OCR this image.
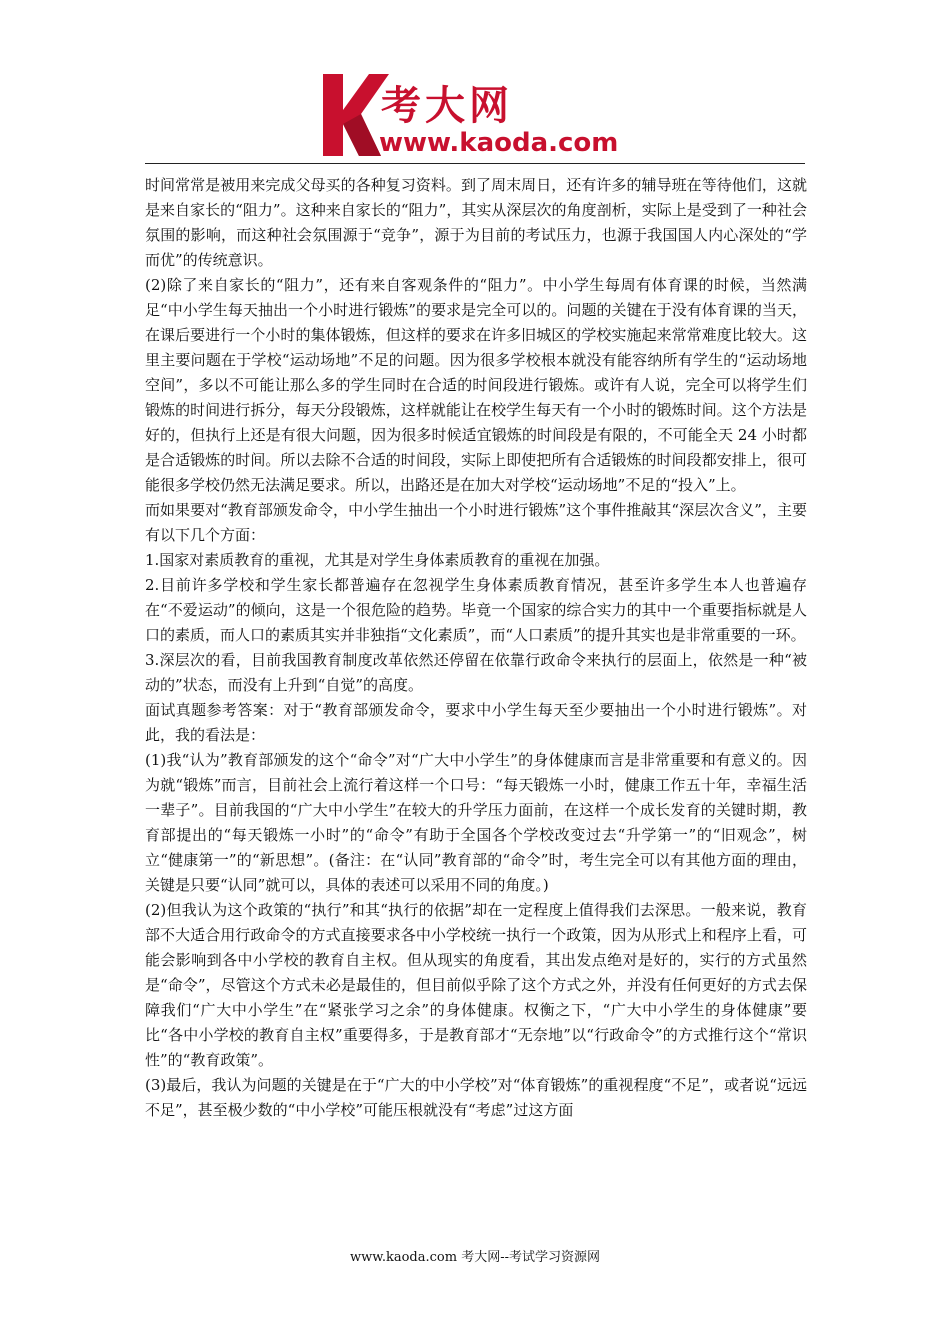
考大网
www.kaoda.com

时间常常是被用来完成父母买的各种复习资料。到了周末周日，还有许多的辅导班在等待他们，这就是来自家长的“阻力”。这种来自家长的“阻力”，其实从深层次的角度剖析，实际上是受到了一种社会氛围的影响，而这种社会氛围源于“竞争”，源于为目前的考试压力，也源于我国国人内心深处的“学而优”的传统意识。

(2)除了来自家长的“阻力”，还有来自客观条件的“阻力”。中小学生每周有体育课的时候，当然满足“中小学生每天抽出一个小时进行锻炼”的要求是完全可以的。问题的关键在于没有体育课的当天，在课后要进行一个小时的集体锻炼，但这样的要求在许多旧城区的学校实施起来常常难度比较大。这里主要问题在于学校“运动场地”不足的问题。因为很多学校根本就没有能容纳所有学生的“运动场地空间”，多以不可能让那么多的学生同时在合适的时间段进行锻炼。或许有人说，完全可以将学生们锻炼的时间进行拆分，每天分段锻炼，这样就能让在校学生每天有一个小时的锻炼时间。这个方法是好的，但执行上还是有很大问题，因为很多时候适宜锻炼的时间段是有限的，不可能全天 24 小时都是合适锻炼的时间。所以去除不合适的时间段，实际上即使把所有合适锻炼的时间段都安排上，很可能很多学校仍然无法满足要求。所以，出路还是在加大对学校“运动场地”不足的“投入”上。

而如果要对“教育部颁发命令，中小学生抽出一个小时进行锻炼”这个事件推敲其“深层次含义”，主要有以下几个方面：

1.国家对素质教育的重视，尤其是对学生身体素质教育的重视在加强。

2.目前许多学校和学生家长都普遍存在忽视学生身体素质教育情况，甚至许多学生本人也普遍存在“不爱运动”的倾向，这是一个很危险的趋势。毕竟一个国家的综合实力的其中一个重要指标就是人口的素质，而人口的素质其实并非独指“文化素质”，而“人口素质”的提升其实也是非常重要的一环。

3.深层次的看，目前我国教育制度改革依然还停留在依靠行政命令来执行的层面上，依然是一种“被动的”状态，而没有上升到“自觉”的高度。

面试真题参考答案：对于“教育部颁发命令，要求中小学生每天至少要抽出一个小时进行锻炼”。对此，我的看法是：

(1)我“认为”教育部颁发的这个“命令”对“广大中小学生”的身体健康而言是非常重要和有意义的。因为就“锻炼”而言，目前社会上流行着这样一个口号：“每天锻炼一小时，健康工作五十年，幸福生活一辈子”。目前我国的“广大中小学生”在较大的升学压力面前，在这样一个成长发育的关键时期，教育部提出的“每天锻炼一小时”的“命令”有助于全国各个学校改变过去“升学第一”的“旧观念”，树立“健康第一”的“新思想”。(备注：在“认同”教育部的“命令”时，考生完全可以有其他方面的理由，关键是只要“认同”就可以，具体的表述可以采用不同的角度。)

(2)但我认为这个政策的“执行”和其“执行的依据”却在一定程度上值得我们去深思。一般来说，教育部不大适合用行政命令的方式直接要求各中小学校统一执行一个政策，因为从形式上和程序上看，可能会影响到各中小学校的教育自主权。但从现实的角度看，其出发点绝对是好的，实行的方式虽然是“命令”，尽管这个方式未必是最佳的，但目前似乎除了这个方式之外，并没有任何更好的方式去保障我们“广大中小学生”在“紧张学习之余”的身体健康。权衡之下，“广大中小学生的身体健康”要比“各中小学校的教育自主权”重要得多，于是教育部才“无奈地”以“行政命令”的方式推行这个“常识性”的“教育政策”。

(3)最后，我认为问题的关键是在于“广大的中小学校”对“体育锻炼”的重视程度“不足”，或者说“远远不足”，甚至极少数的“中小学校”可能压根就没有“考虑”过这方面

www.kaoda.com 考大网--考试学习资源网
